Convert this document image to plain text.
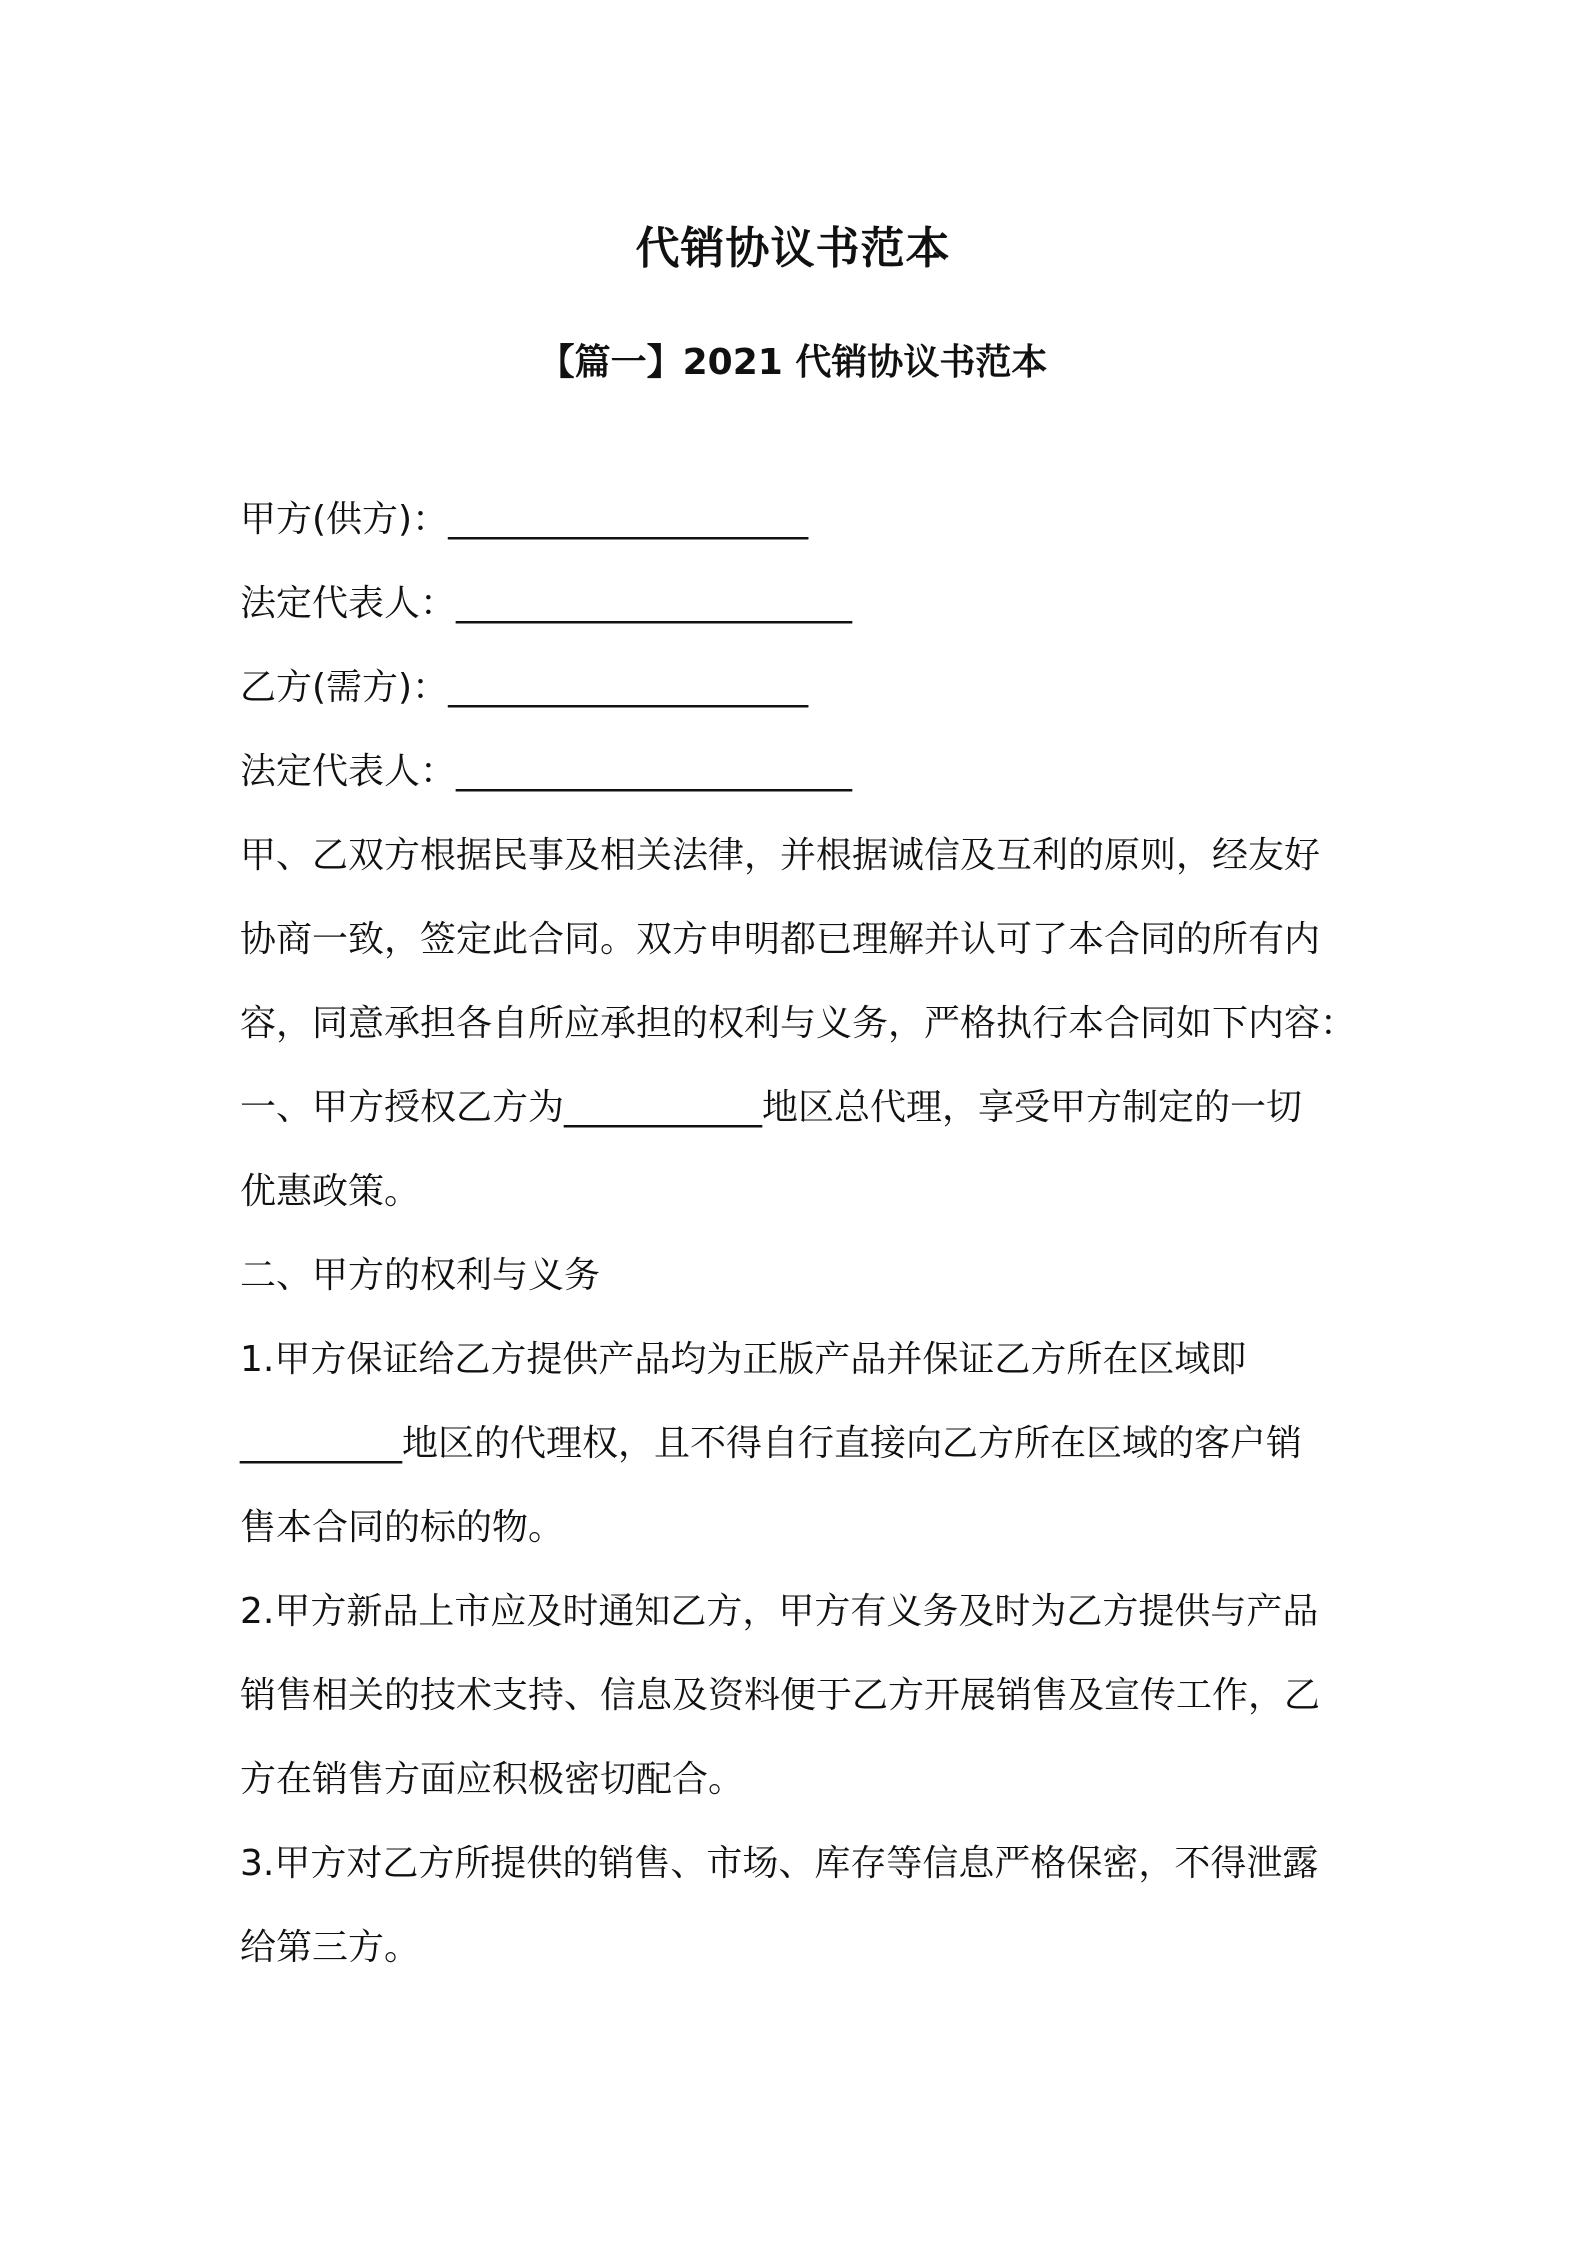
代销协议书范本
【篇一】2021 代销协议书范本
甲方(供方)：____________________
法定代表人：______________________
乙方(需方)：____________________
法定代表人：______________________
甲、乙双方根据民事及相关法律，并根据诚信及互利的原则，经友好
协商一致，签定此合同。双方申明都已理解并认可了本合同的所有内
容，同意承担各自所应承担的权利与义务，严格执行本合同如下内容：
一、甲方授权乙方为___________地区总代理，享受甲方制定的一切
优惠政策。
二、甲方的权利与义务
1.甲方保证给乙方提供产品均为正版产品并保证乙方所在区域即
_________地区的代理权，且不得自行直接向乙方所在区域的客户销
售本合同的标的物。
2.甲方新品上市应及时通知乙方，甲方有义务及时为乙方提供与产品
销售相关的技术支持、信息及资料便于乙方开展销售及宣传工作，乙
方在销售方面应积极密切配合。
3.甲方对乙方所提供的销售、市场、库存等信息严格保密，不得泄露
给第三方。
